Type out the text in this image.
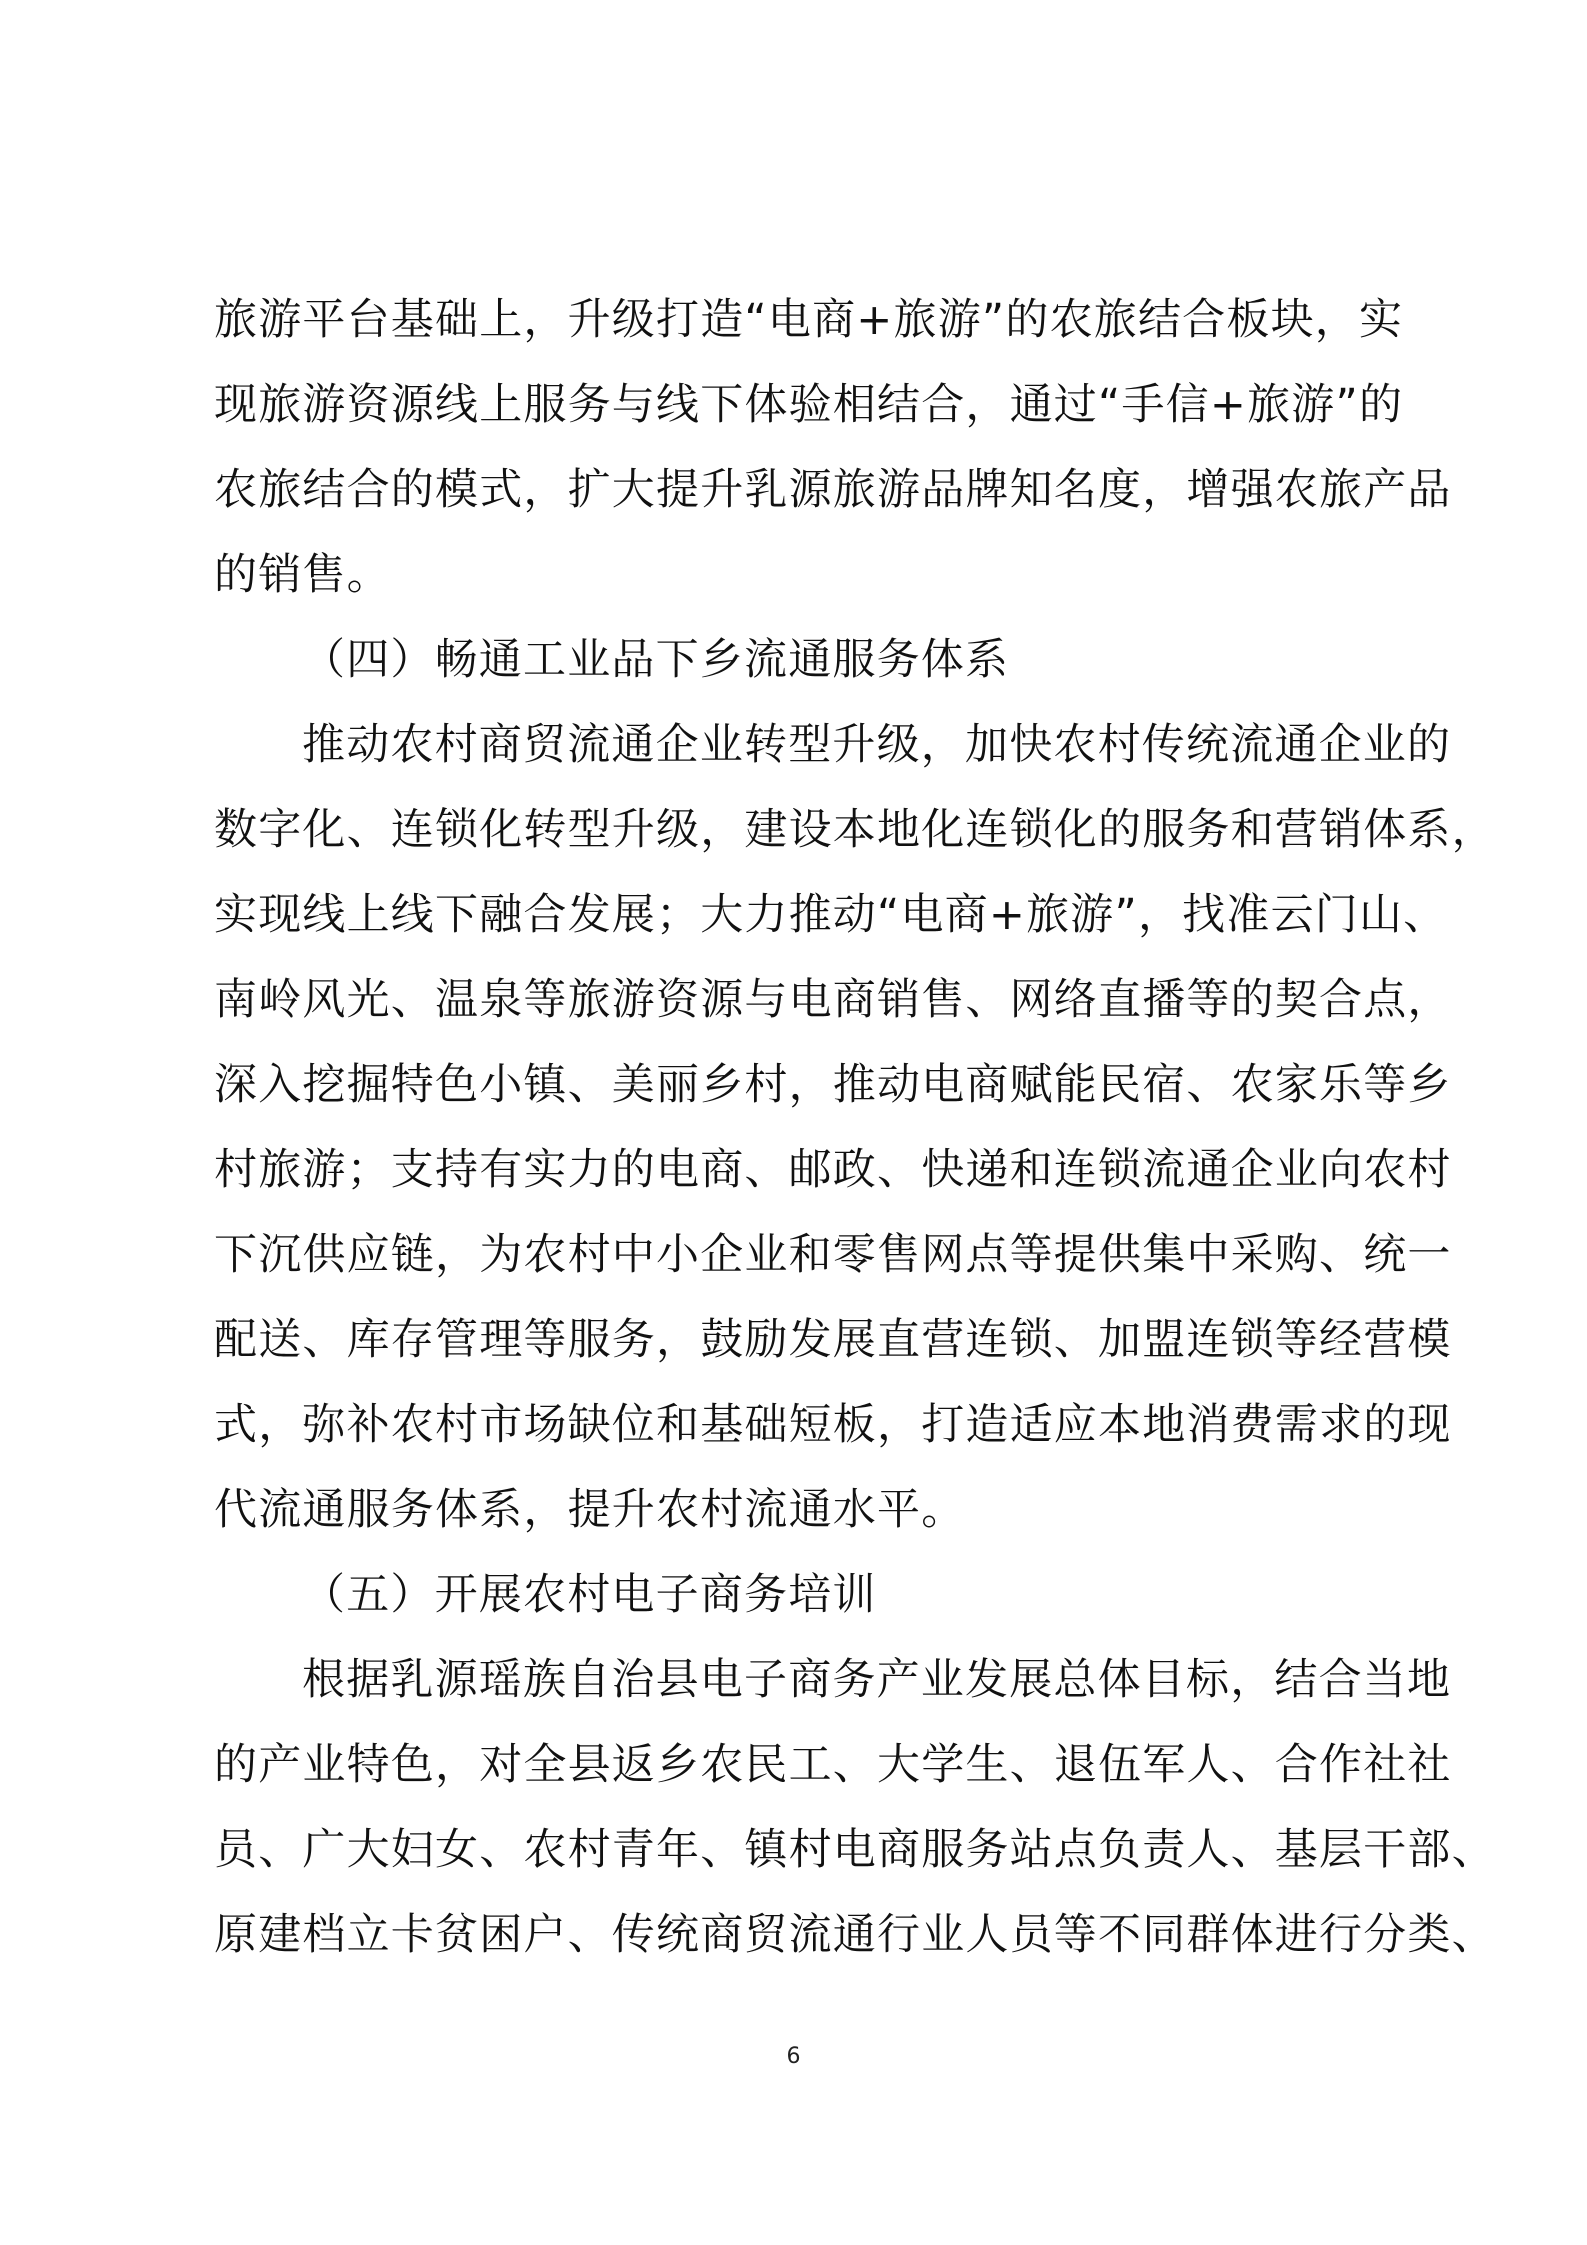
旅游平台基础上，升级打造“电商+旅游”的农旅结合板块，实

现旅游资源线上服务与线下体验相结合，通过“手信+旅游”的

农旅结合的模式，扩大提升乳源旅游品牌知名度，增强农旅产品

的销售。

（四）畅通工业品下乡流通服务体系

推动农村商贸流通企业转型升级，加快农村传统流通企业的

数字化、连锁化转型升级，建设本地化连锁化的服务和营销体系，

实现线上线下融合发展；大力推动“电商+旅游”，找准云门山、

南岭风光、温泉等旅游资源与电商销售、网络直播等的契合点，

深入挖掘特色小镇、美丽乡村，推动电商赋能民宿、农家乐等乡

村旅游；支持有实力的电商、邮政、快递和连锁流通企业向农村

下沉供应链，为农村中小企业和零售网点等提供集中采购、统一

配送、库存管理等服务，鼓励发展直营连锁、加盟连锁等经营模

式，弥补农村市场缺位和基础短板，打造适应本地消费需求的现

代流通服务体系，提升农村流通水平。

（五）开展农村电子商务培训

根据乳源瑶族自治县电子商务产业发展总体目标，结合当地

的产业特色，对全县返乡农民工、大学生、退伍军人、合作社社

员、广大妇女、农村青年、镇村电商服务站点负责人、基层干部、

原建档立卡贫困户、传统商贸流通行业人员等不同群体进行分类、

6
